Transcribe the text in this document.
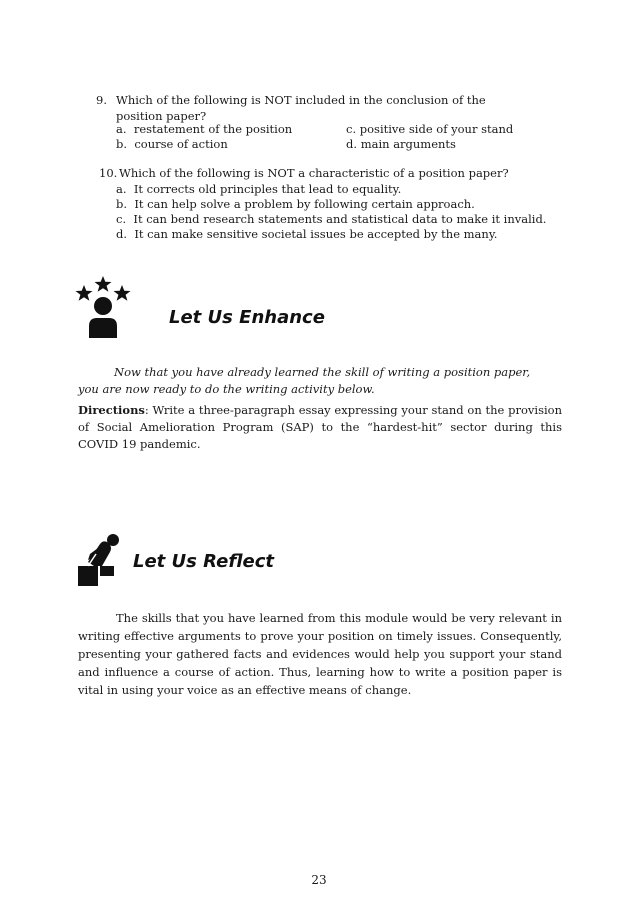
9. Which of the following is NOT included in the conclusion of the
position paper?
a. restatement of the position
b. course of action
c. positive side of your stand
d. main arguments
10. Which of the following is NOT a characteristic of a position paper?
a. It corrects old principles that lead to equality.
b. It can help solve a problem by following certain approach.
c. It can bend research statements and statistical data to make it invalid.
d. It can make sensitive societal issues be accepted by the many.
Let Us Enhance
Now that you have already learned the skill of writing a position paper,
you are now ready to do the writing activity below.
Directions: Write a three-paragraph essay expressing your stand on the provision of Social Amelioration Program (SAP) to the “hardest-hit” sector during this COVID 19 pandemic.
Let Us Reflect
The skills that you have learned from this module would be very relevant in writing effective arguments to prove your position on timely issues. Consequently, presenting your gathered facts and evidences would help you support your stand and influence a course of action. Thus, learning how to write a position paper is vital in using your voice as an effective means of change.
23
